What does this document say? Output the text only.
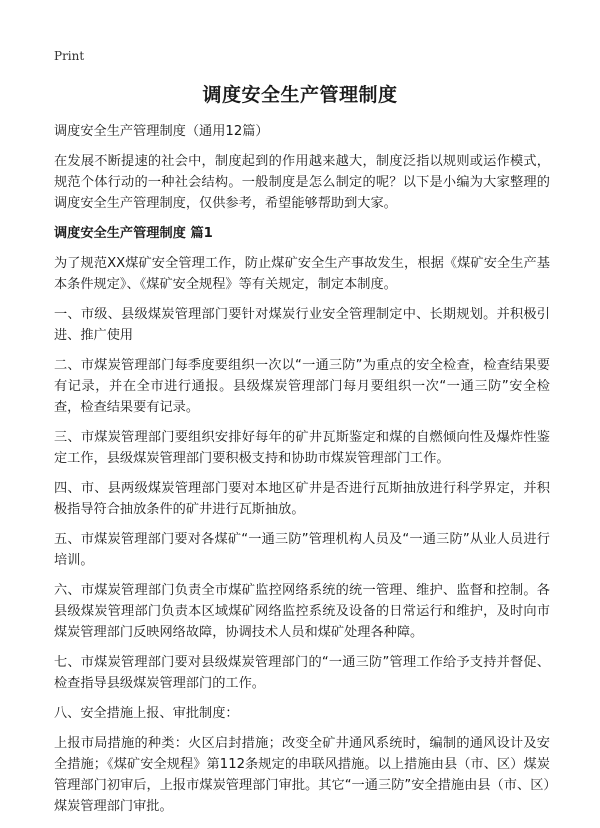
Print
调度安全生产管理制度

调度安全生产管理制度（通用12篇）

在发展不断提速的社会中，制度起到的作用越来越大，制度泛指以规则或运作模式，规范个体行动的一种社会结构。一般制度是怎么制定的呢？以下是小编为大家整理的调度安全生产管理制度，仅供参考，希望能够帮助到大家。

调度安全生产管理制度 篇1

为了规范XX煤矿安全管理工作，防止煤矿安全生产事故发生，根据《煤矿安全生产基本条件规定》、《煤矿安全规程》等有关规定，制定本制度。

一、市级、县级煤炭管理部门要针对煤炭行业安全管理制定中、长期规划。并积极引进、推广使用

二、市煤炭管理部门每季度要组织一次以“一通三防”为重点的安全检查，检查结果要有记录，并在全市进行通报。县级煤炭管理部门每月要组织一次“一通三防”安全检查，检查结果要有记录。

三、市煤炭管理部门要组织安排好每年的矿井瓦斯鉴定和煤的自燃倾向性及爆炸性鉴定工作，县级煤炭管理部门要积极支持和协助市煤炭管理部门工作。

四、市、县两级煤炭管理部门要对本地区矿井是否进行瓦斯抽放进行科学界定，并积极指导符合抽放条件的矿井进行瓦斯抽放。

五、市煤炭管理部门要对各煤矿“一通三防”管理机构人员及“一通三防”从业人员进行培训。

六、市煤炭管理部门负责全市煤矿监控网络系统的统一管理、维护、监督和控制。各县级煤炭管理部门负责本区域煤矿网络监控系统及设备的日常运行和维护，及时向市煤炭管理部门反映网络故障，协调技术人员和煤矿处理各种障。

七、市煤炭管理部门要对县级煤炭管理部门的“一通三防”管理工作给予支持并督促、检查指导县级煤炭管理部门的工作。

八、安全措施上报、审批制度：

上报市局措施的种类：火区启封措施；改变全矿井通风系统时，编制的通风设计及安全措施；《煤矿安全规程》第112条规定的串联风措施。以上措施由县（市、区）煤炭管理部门初审后，上报市煤炭管理部门审批。其它“一通三防”安全措施由县（市、区）煤炭管理部门审批。
